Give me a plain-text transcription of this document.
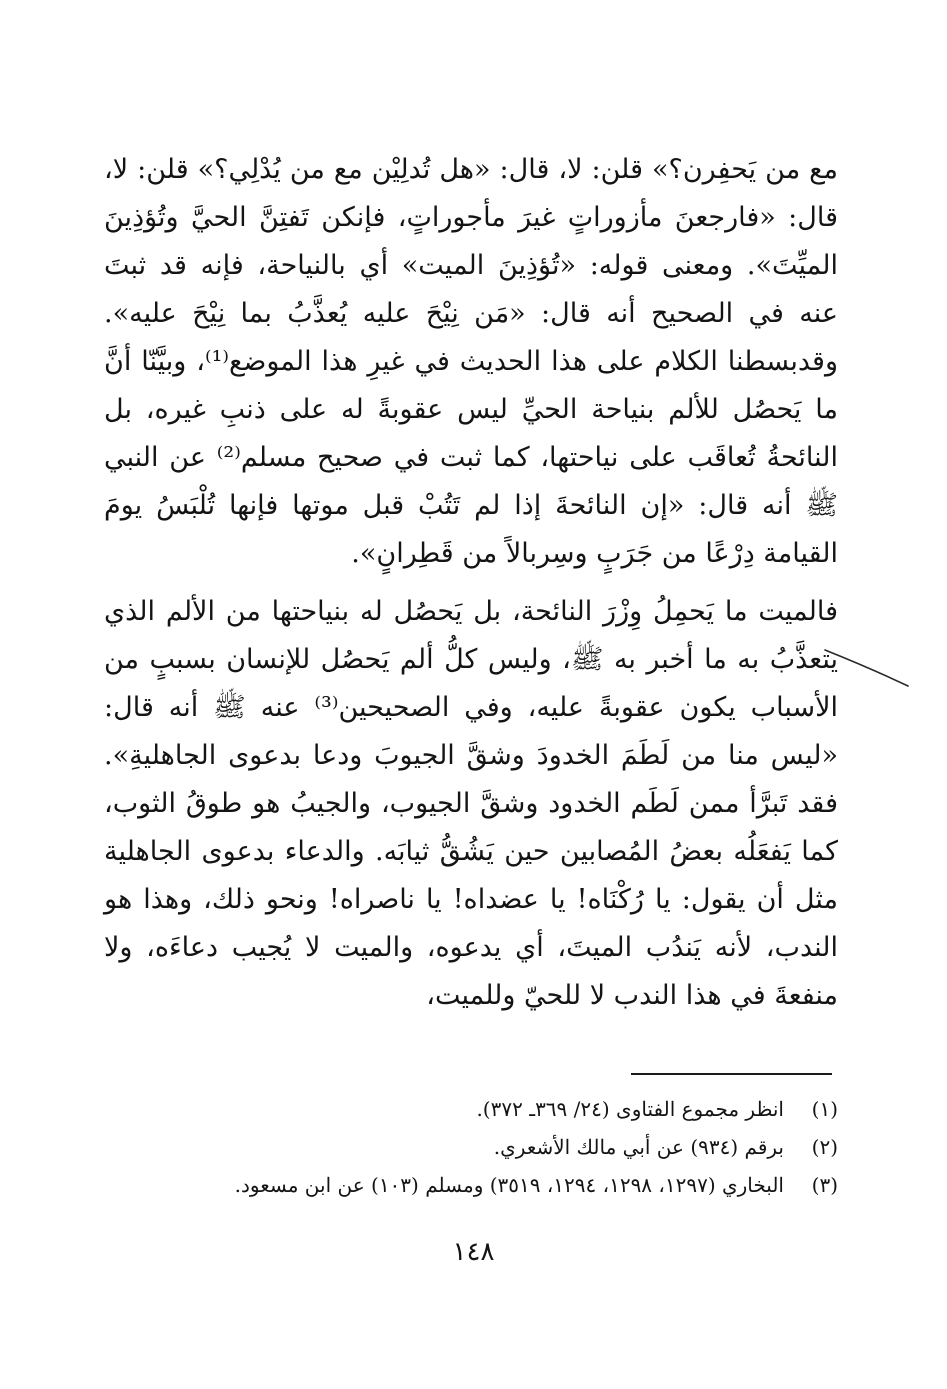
مع من يَحفِرن؟» قلن: لا، قال: «هل تُدلِيْن مع من يُدْلِي؟» قلن: لا، قال: «فارجعنَ مأزوراتٍ غيرَ مأجوراتٍ، فإنكن تَفتِنَّ الحيَّ وتُؤذِينَ الميِّتَ». ومعنى قوله: «تُؤذِينَ الميت» أي بالنياحة، فإنه قد ثبتَ عنه في الصحيح أنه قال: «مَن نِيْحَ عليه يُعذَّبُ بما نِيْحَ عليه». وقدبسطنا الكلام على هذا الحديث في غيرِ هذا الموضع⁽¹⁾، وبيَّنّا أنَّ ما يَحصُل للألم بنياحة الحيِّ ليس عقوبةً له على ذنبِ غيره، بل النائحةُ تُعاقَب على نياحتها، كما ثبت في صحيح مسلم⁽²⁾ عن النبي ﷺ أنه قال: «إن النائحةَ إذا لم تَتُبْ قبل موتها فإنها تُلْبَسُ يومَ القيامة دِرْعًا من جَرَبٍ وسِربالاً من قَطِرانٍ».

فالميت ما يَحمِلُ وِزْرَ النائحة، بل يَحصُل له بنياحتها من الألم الذي يتعذَّبُ به ما أخبر به ﷺ، وليس كلُّ ألم يَحصُل للإنسان بسببٍ من الأسباب يكون عقوبةً عليه، وفي الصحيحين⁽³⁾ عنه ﷺ أنه قال: «ليس منا من لَطَمَ الخدودَ وشقَّ الجيوبَ ودعا بدعوى الجاهليةِ». فقد تَبرَّأ ممن لَطَم الخدود وشقَّ الجيوب، والجيبُ هو طوقُ الثوب، كما يَفعَلُه بعضُ المُصابين حين يَشُقُّ ثيابَه. والدعاء بدعوى الجاهلية مثل أن يقول: يا رُكْنَاه! يا عضداه! يا ناصراه! ونحو ذلك، وهذا هو الندب، لأنه يَندُب الميتَ، أي يدعوه، والميت لا يُجيب دعاءَه، ولا منفعةَ في هذا الندب لا للحيّ وللميت،

(١)انظر مجموع الفتاوى (٢٤/ ٣٦٩ـ ٣٧٢).

(٢)برقم (٩٣٤) عن أبي مالك الأشعري.

(٣)البخاري (١٢٩٧، ١٢٩٨، ١٢٩٤، ٣٥١٩) ومسلم (١٠٣) عن ابن مسعود.

١٤٨
